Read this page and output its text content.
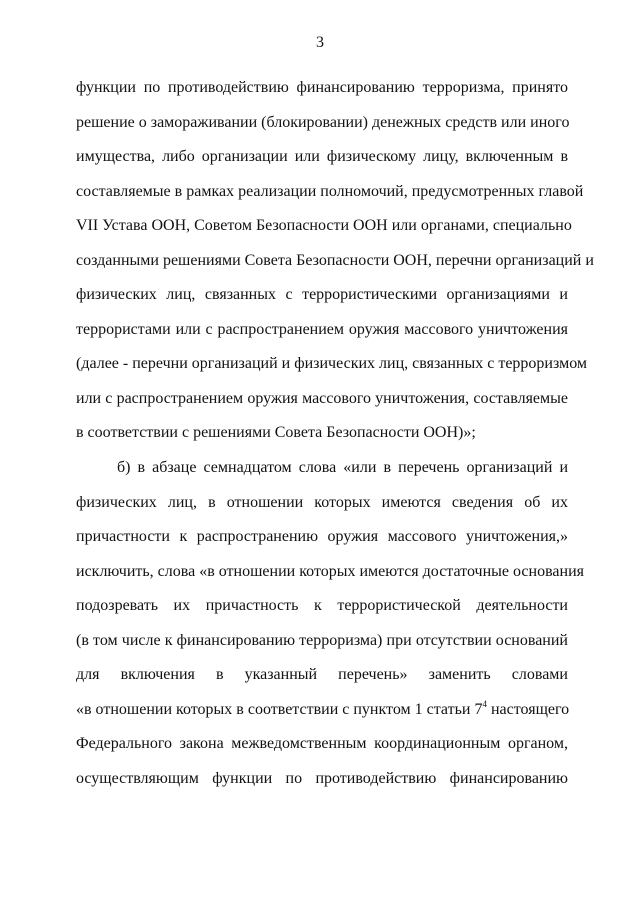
3
функции по противодействию финансированию терроризма, принято
решение о замораживании (блокировании) денежных средств или иного
имущества, либо организации или физическому лицу, включенным в
составляемые в рамках реализации полномочий, предусмотренных главой
VII Устава ООН, Советом Безопасности ООН или органами, специально
созданными решениями Совета Безопасности ООН, перечни организаций и
физических лиц, связанных с террористическими организациями и
террористами или с распространением оружия массового уничтожения
(далее - перечни организаций и физических лиц, связанных с терроризмом
или с распространением оружия массового уничтожения, составляемые
в соответствии с решениями Совета Безопасности ООН)»;
б) в абзаце семнадцатом слова «или в перечень организаций и
физических лиц, в отношении которых имеются сведения об их
причастности к распространению оружия массового уничтожения,»
исключить, слова «в отношении которых имеются достаточные основания
подозревать их причастность к террористической деятельности
(в том числе к финансированию терроризма) при отсутствии оснований
для включения в указанный перечень» заменить словами
«в отношении которых в соответствии с пунктом 1 статьи $7^4$ настоящего
Федерального закона межведомственным координационным органом,
осуществляющим функции по противодействию финансированию
